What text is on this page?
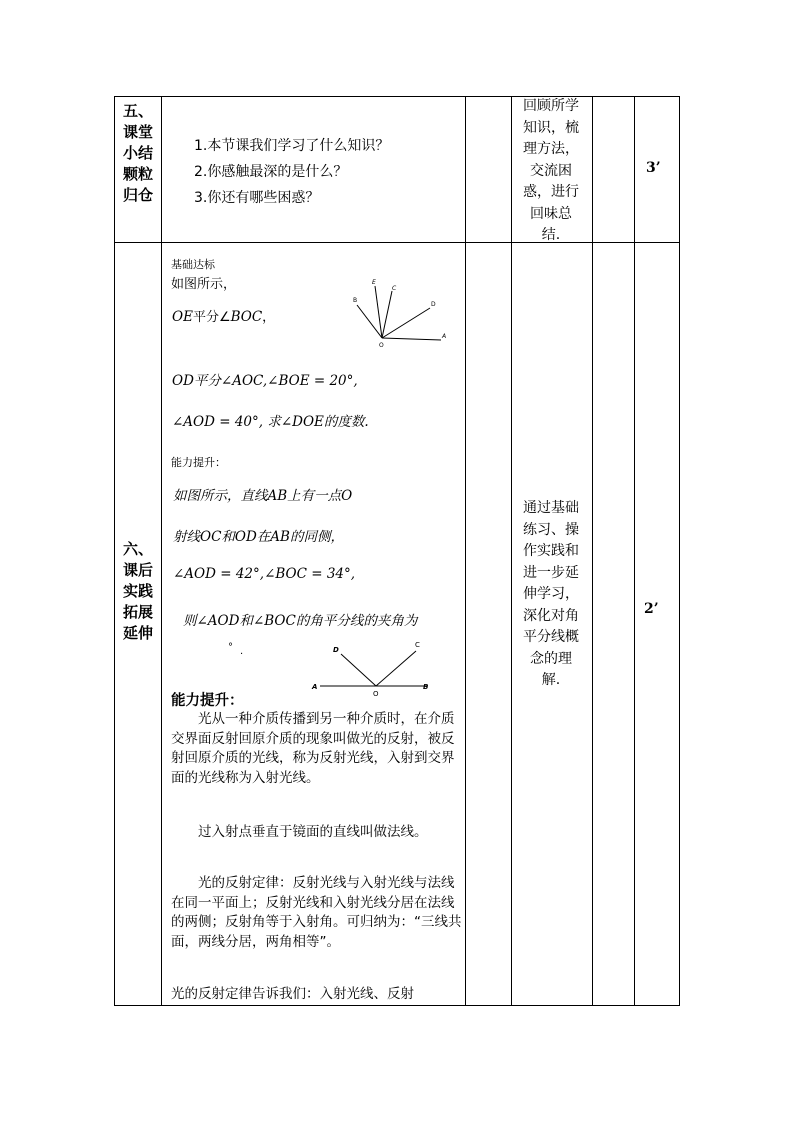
五、
课堂
小结
颗粒
归仓
1.本节课我们学习了什么知识？
2.你感触最深的是什么？
3.你还有哪些困惑？
回顾所学
知识，梳
理方法，
交流困
惑，进行
回味总
结.
3’
六、
课后
实践
拓展
延伸
基础达标
如图所示，
OE平分∠BOC，
B
E
C
D
A
O
OD平分∠AOC,∠BOE = 20°,
∠AOD = 40°, 求∠DOE的度数.
能力提升：
如图所示，直线AB上有一点O
射线OC和OD在AB的同侧，
∠AOD = 42°,∠BOC = 34°,
则∠AOD和∠BOC的角平分线的夹角为
° .	D
C
A
O
B
能力提升：
光从一种介质传播到另一种介质时，在介质交界面反射回原介质的现象叫做光的反射，被反射回原介质的光线，称为反射光线，入射到交界面的光线称为入射光线。
过入射点垂直于镜面的直线叫做法线。
光的反射定律：反射光线与入射光线与法线在同一平面上；反射光线和入射光线分居在法线的两侧；反射角等于入射角。可归纳为：“三线共面，两线分居，两角相等”。
光的反射定律告诉我们：入射光线、反射
通过基础
练习、操
作实践和
进一步延
伸学习，
深化对角
平分线概
念的理
解.
2’
